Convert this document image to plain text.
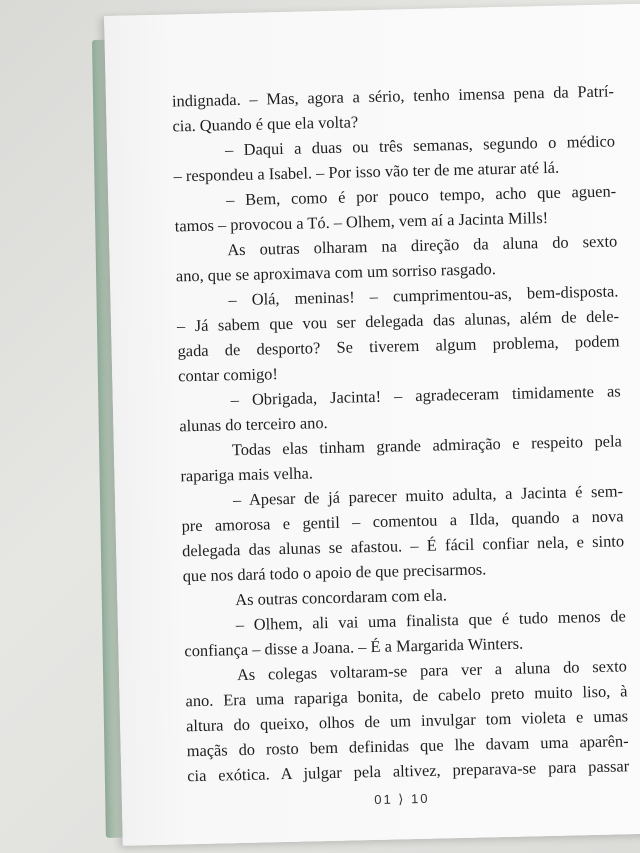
indignada. – Mas, agora a sério, tenho imensa pena da Patrí-
cia. Quando é que ela volta?
– Daqui a duas ou três semanas, segundo o médico
– respondeu a Isabel. – Por isso vão ter de me aturar até lá.
– Bem, como é por pouco tempo, acho que aguen-
tamos – provocou a Tó. – Olhem, vem aí a Jacinta Mills!
As outras olharam na direção da aluna do sexto
ano, que se aproximava com um sorriso rasgado.
– Olá, meninas! – cumprimentou-as, bem-disposta.
– Já sabem que vou ser delegada das alunas, além de dele-
gada de desporto? Se tiverem algum problema, podem
contar comigo!
– Obrigada, Jacinta! – agradeceram timidamente as
alunas do terceiro ano.
Todas elas tinham grande admiração e respeito pela
rapariga mais velha.
– Apesar de já parecer muito adulta, a Jacinta é sem-
pre amorosa e gentil – comentou a Ilda, quando a nova
delegada das alunas se afastou. – É fácil confiar nela, e sinto
que nos dará todo o apoio de que precisarmos.
As outras concordaram com ela.
– Olhem, ali vai uma finalista que é tudo menos de
confiança – disse a Joana. – É a Margarida Winters.
As colegas voltaram-se para ver a aluna do sexto
ano. Era uma rapariga bonita, de cabelo preto muito liso, à
altura do queixo, olhos de um invulgar tom violeta e umas
maçãs do rosto bem definidas que lhe davam uma aparên-
cia exótica. A julgar pela altivez, preparava-se para passar
01 ⟩ 10
